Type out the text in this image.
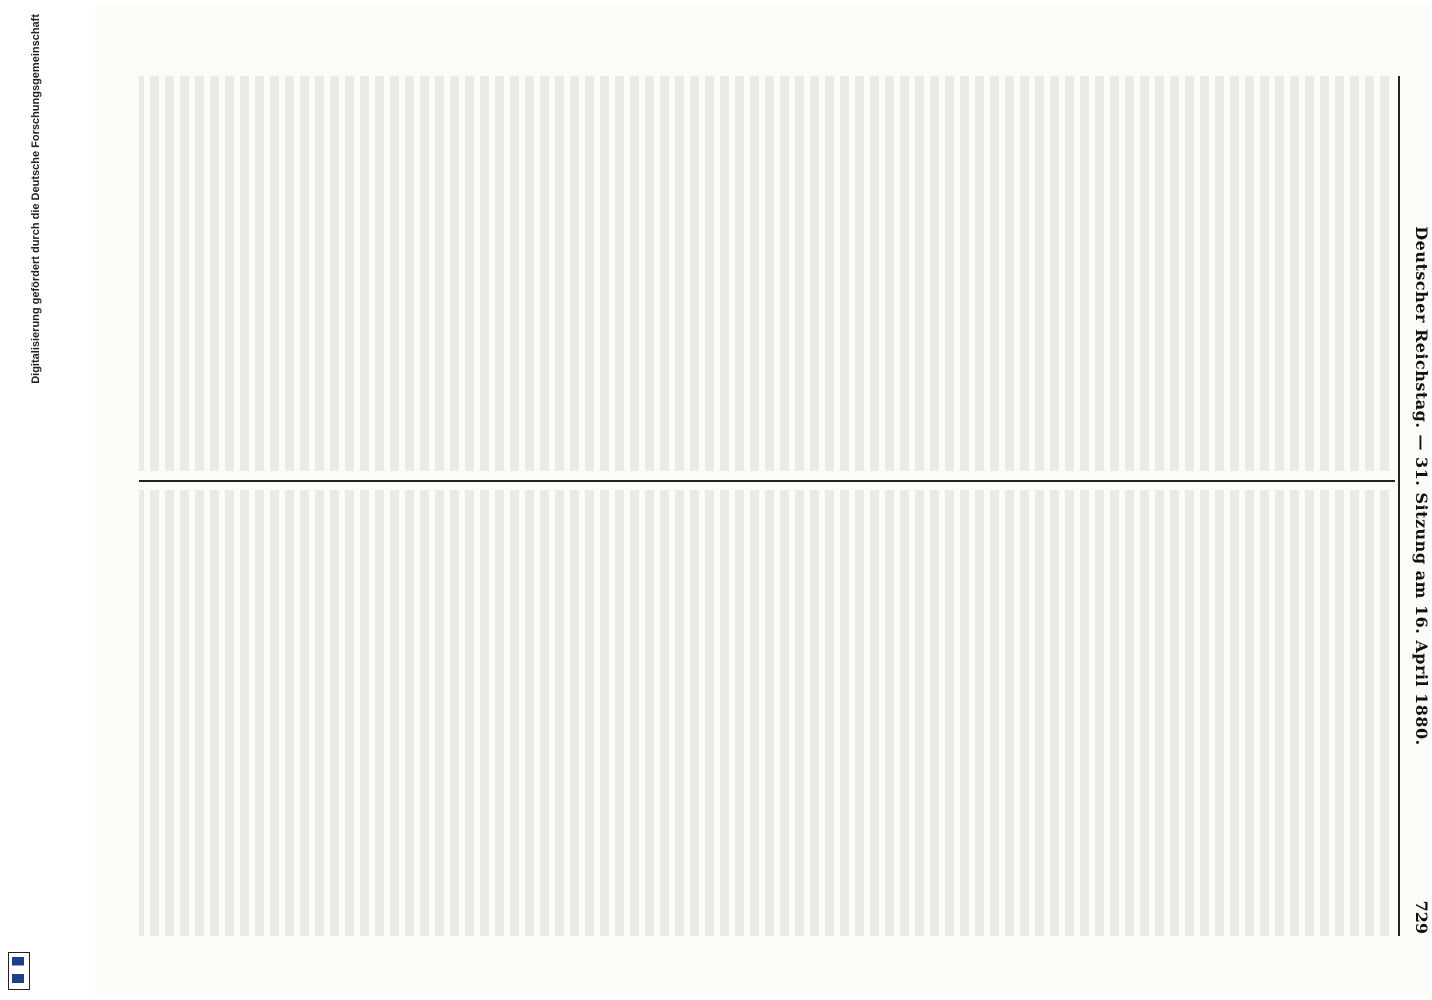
Digitalisierung gefördert durch die Deutsche Forschungsgemeinschaft
Deutscher Reichstag. — 31. Sitzung am 16. April 1880.
729
